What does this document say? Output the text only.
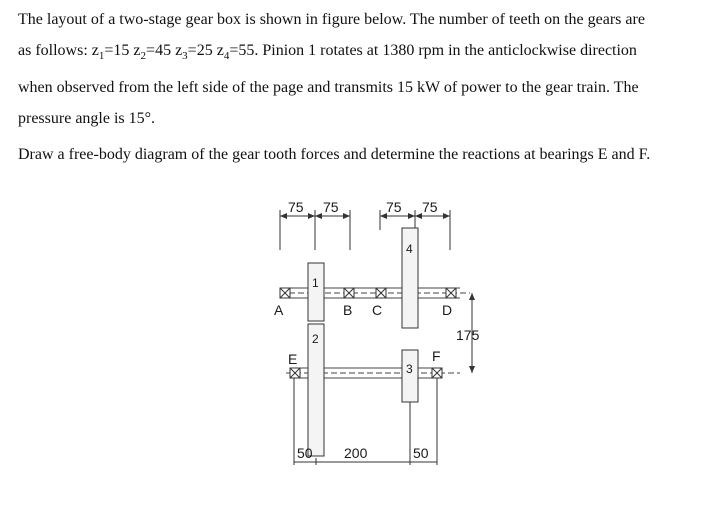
The layout of a two-stage gear box is shown in figure below. The number of teeth on the gears are
as follows: $z_1=15$ $z_2=45$ $z_3=25$ $z_4=55$. Pinion 1 rotates at 1380 rpm in the anticlockwise direction
when observed from the left side of the page and transmits 15 kW of power to the gear train. The
pressure angle is 15°.
Draw a free-body diagram of the gear tooth forces and determine the reactions at bearings E and F.
75 75	75 75
1
2
4
3
A	B C	D
E	F
175
50 200	50
